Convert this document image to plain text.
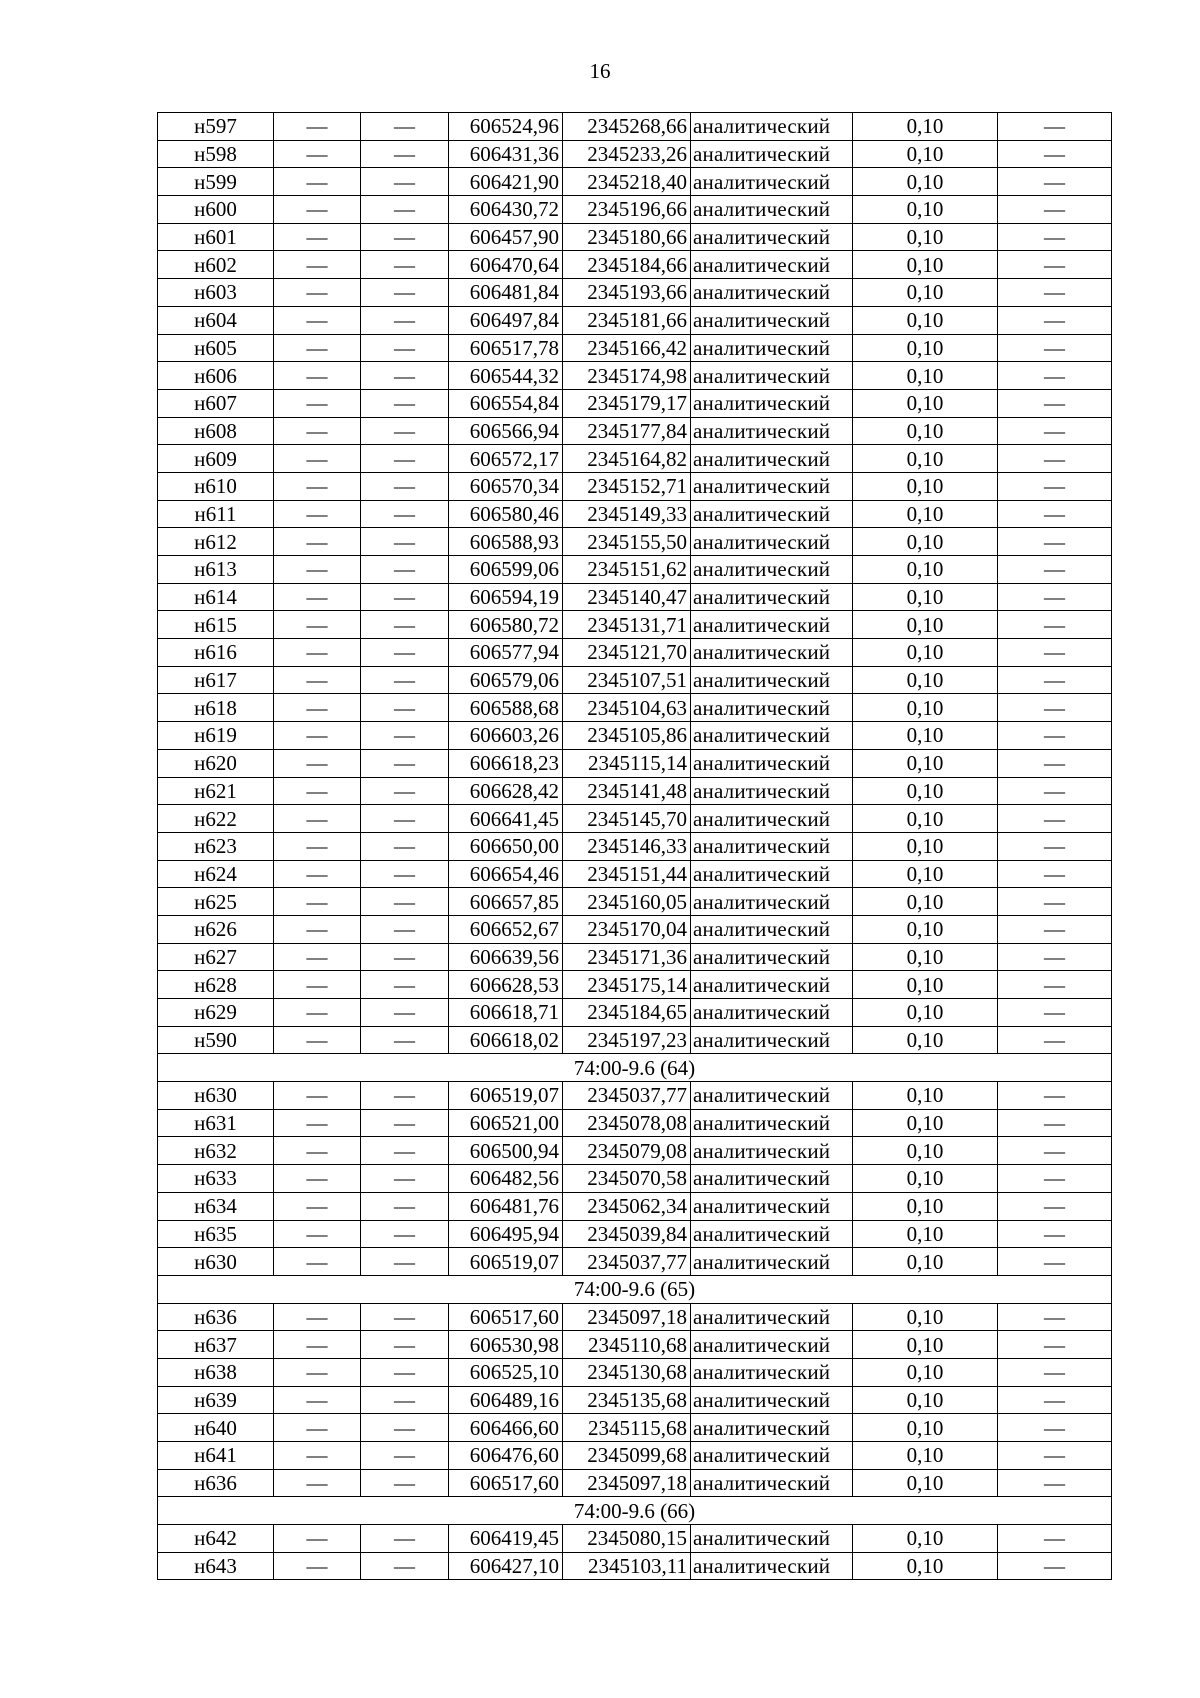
16
н597	—	—	606524,96	2345268,66	аналитический	0,10	—
н598	—	—	606431,36	2345233,26	аналитический	0,10	—
н599	—	—	606421,90	2345218,40	аналитический	0,10	—
н600	—	—	606430,72	2345196,66	аналитический	0,10	—
н601	—	—	606457,90	2345180,66	аналитический	0,10	—
н602	—	—	606470,64	2345184,66	аналитический	0,10	—
н603	—	—	606481,84	2345193,66	аналитический	0,10	—
н604	—	—	606497,84	2345181,66	аналитический	0,10	—
н605	—	—	606517,78	2345166,42	аналитический	0,10	—
н606	—	—	606544,32	2345174,98	аналитический	0,10	—
н607	—	—	606554,84	2345179,17	аналитический	0,10	—
н608	—	—	606566,94	2345177,84	аналитический	0,10	—
н609	—	—	606572,17	2345164,82	аналитический	0,10	—
н610	—	—	606570,34	2345152,71	аналитический	0,10	—
н611	—	—	606580,46	2345149,33	аналитический	0,10	—
н612	—	—	606588,93	2345155,50	аналитический	0,10	—
н613	—	—	606599,06	2345151,62	аналитический	0,10	—
н614	—	—	606594,19	2345140,47	аналитический	0,10	—
н615	—	—	606580,72	2345131,71	аналитический	0,10	—
н616	—	—	606577,94	2345121,70	аналитический	0,10	—
н617	—	—	606579,06	2345107,51	аналитический	0,10	—
н618	—	—	606588,68	2345104,63	аналитический	0,10	—
н619	—	—	606603,26	2345105,86	аналитический	0,10	—
н620	—	—	606618,23	2345115,14	аналитический	0,10	—
н621	—	—	606628,42	2345141,48	аналитический	0,10	—
н622	—	—	606641,45	2345145,70	аналитический	0,10	—
н623	—	—	606650,00	2345146,33	аналитический	0,10	—
н624	—	—	606654,46	2345151,44	аналитический	0,10	—
н625	—	—	606657,85	2345160,05	аналитический	0,10	—
н626	—	—	606652,67	2345170,04	аналитический	0,10	—
н627	—	—	606639,56	2345171,36	аналитический	0,10	—
н628	—	—	606628,53	2345175,14	аналитический	0,10	—
н629	—	—	606618,71	2345184,65	аналитический	0,10	—
н590	—	—	606618,02	2345197,23	аналитический	0,10	—
74:00-9.6 (64)							
н630	—	—	606519,07	2345037,77	аналитический	0,10	—
н631	—	—	606521,00	2345078,08	аналитический	0,10	—
н632	—	—	606500,94	2345079,08	аналитический	0,10	—
н633	—	—	606482,56	2345070,58	аналитический	0,10	—
н634	—	—	606481,76	2345062,34	аналитический	0,10	—
н635	—	—	606495,94	2345039,84	аналитический	0,10	—
н630	—	—	606519,07	2345037,77	аналитический	0,10	—
74:00-9.6 (65)							
н636	—	—	606517,60	2345097,18	аналитический	0,10	—
н637	—	—	606530,98	2345110,68	аналитический	0,10	—
н638	—	—	606525,10	2345130,68	аналитический	0,10	—
н639	—	—	606489,16	2345135,68	аналитический	0,10	—
н640	—	—	606466,60	2345115,68	аналитический	0,10	—
н641	—	—	606476,60	2345099,68	аналитический	0,10	—
н636	—	—	606517,60	2345097,18	аналитический	0,10	—
74:00-9.6 (66)							
н642	—	—	606419,45	2345080,15	аналитический	0,10	—
н643	—	—	606427,10	2345103,11	аналитический	0,10	—
